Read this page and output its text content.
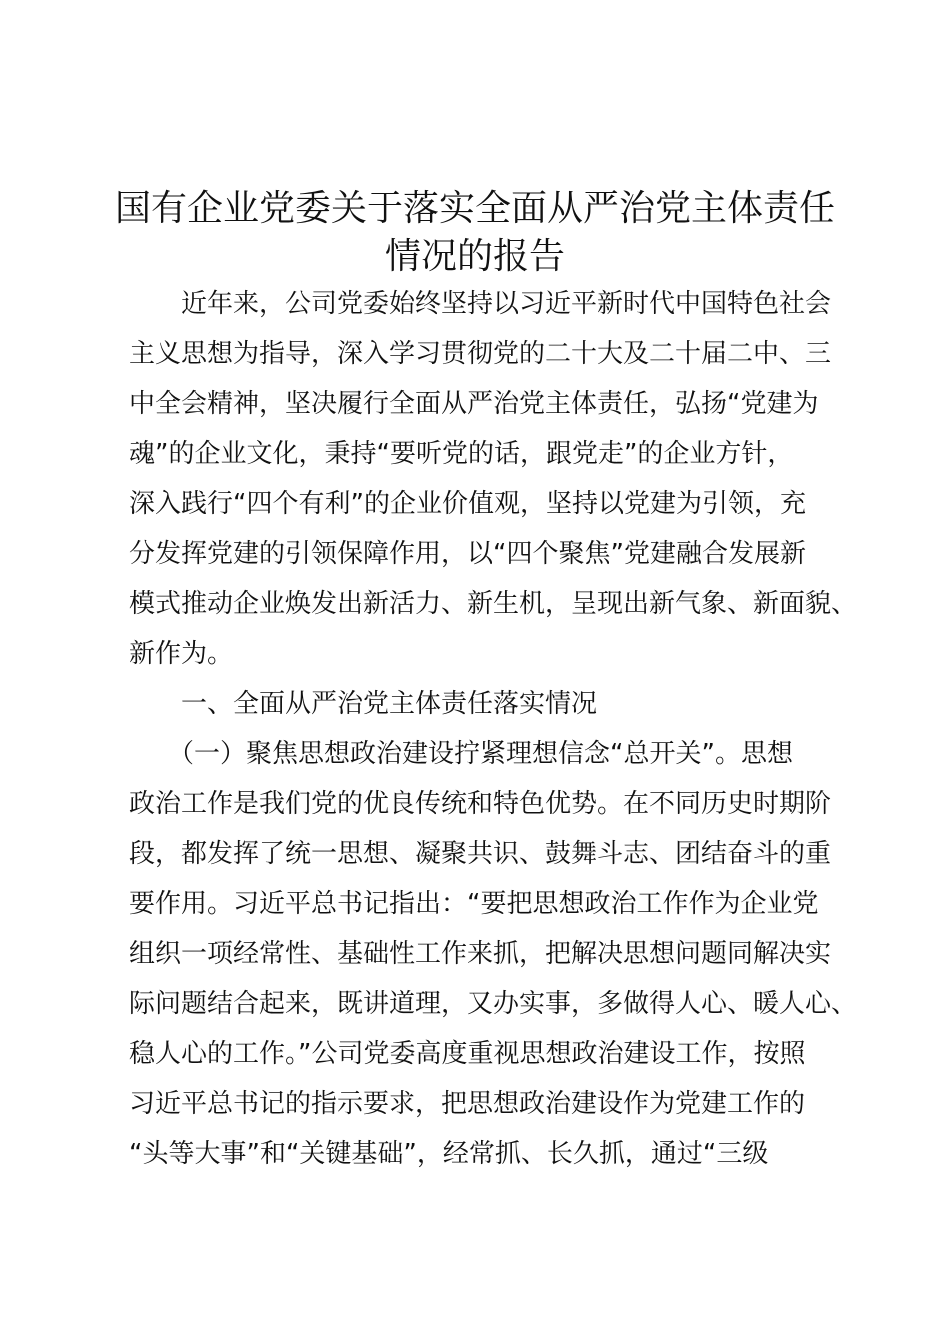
国有企业党委关于落实全面从严治党主体责任
情况的报告
　　近年来，公司党委始终坚持以习近平新时代中国特色社会
主义思想为指导，深入学习贯彻党的二十大及二十届二中、三
中全会精神，坚决履行全面从严治党主体责任，弘扬“党建为
魂”的企业文化，秉持“要听党的话，跟党走”的企业方针，
深入践行“四个有利”的企业价值观，坚持以党建为引领，充
分发挥党建的引领保障作用，以“四个聚焦”党建融合发展新
模式推动企业焕发出新活力、新生机，呈现出新气象、新面貌、
新作为。
　　一、全面从严治党主体责任落实情况
　　（一）聚焦思想政治建设拧紧理想信念“总开关”。思想
政治工作是我们党的优良传统和特色优势。在不同历史时期阶
段，都发挥了统一思想、凝聚共识、鼓舞斗志、团结奋斗的重
要作用。习近平总书记指出：“要把思想政治工作作为企业党
组织一项经常性、基础性工作来抓，把解决思想问题同解决实
际问题结合起来，既讲道理，又办实事，多做得人心、暖人心、
稳人心的工作。”公司党委高度重视思想政治建设工作，按照
习近平总书记的指示要求，把思想政治建设作为党建工作的
“头等大事”和“关键基础”，经常抓、长久抓，通过“三级
